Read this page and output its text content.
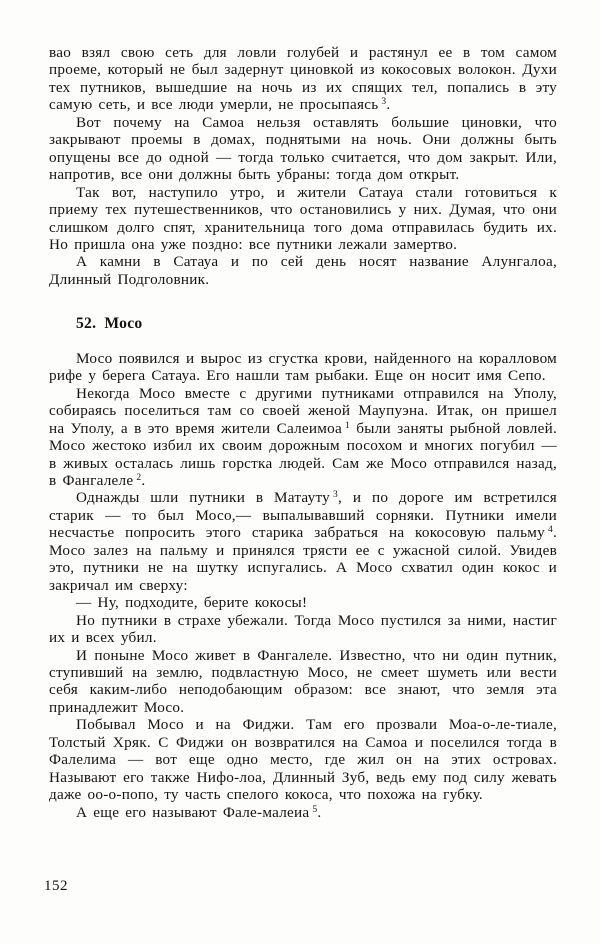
вао взял свою сеть для ловли голубей и растянул ее в том самом проеме, который не был задернут циновкой из кокосовых волокон. Духи тех путников, вышедшие на ночь из их спящих тел, попались в эту самую сеть, и все люди умерли, не просыпаясь $^3$.

Вот почему на Самоа нельзя оставлять большие циновки, что закрывают проемы в домах, поднятыми на ночь. Они должны быть опущены все до одной — тогда только считается, что дом закрыт. Или, напротив, все они должны быть убраны: тогда дом открыт.

Так вот, наступило утро, и жители Сатауа стали готовиться к приему тех путешественников, что остановились у них. Думая, что они слишком долго спят, хранительница того дома отправилась будить их. Но пришла она уже поздно: все путники лежали замертво.

А камни в Сатауа и по сей день носят название Алунгалоа, Длинный Подголовник.

52. Мосо

Мосо появился и вырос из сгустка крови, найденного на коралловом рифе у берега Сатауа. Его нашли там рыбаки. Еще он носит имя Сепо.

Некогда Мосо вместе с другими путниками отправился на Уполу, собираясь поселиться там со своей женой Маупуэна. Итак, он пришел на Уполу, а в это время жители Салеимоа $^1$ были заняты рыбной ловлей. Мосо жестоко избил их своим дорожным посохом и многих погубил — в живых осталась лишь горстка людей. Сам же Мосо отправился назад, в Фангалеле $^2$.

Однажды шли путники в Матауту $^3$, и по дороге им встретился старик — то был Мосо,— выпалывавший сорняки. Путники имели несчастье попросить этого старика забраться на кокосовую пальму $^4$. Мосо залез на пальму и принялся трясти ее с ужасной силой. Увидев это, путники не на шутку испугались. А Мосо схватил один кокос и закричал им сверху:

— Ну, подходите, берите кокосы!

Но путники в страхе убежали. Тогда Мосо пустился за ними, настиг их и всех убил.

И поныне Мосо живет в Фангалеле. Известно, что ни один путник, ступивший на землю, подвластную Мосо, не смеет шуметь или вести себя каким-либо неподобающим образом: все знают, что земля эта принадлежит Мосо.

Побывал Мосо и на Фиджи. Там его прозвали Моа-о-ле-тиале, Толстый Хряк. С Фиджи он возвратился на Самоа и поселился тогда в Фалелима — вот еще одно место, где жил он на этих островах. Называют его также Нифо-лоа, Длинный Зуб, ведь ему под силу жевать даже оо-о-попо, ту часть спелого кокоса, что похожа на губку.

А еще его называют Фале-малеиа $^5$.

152
